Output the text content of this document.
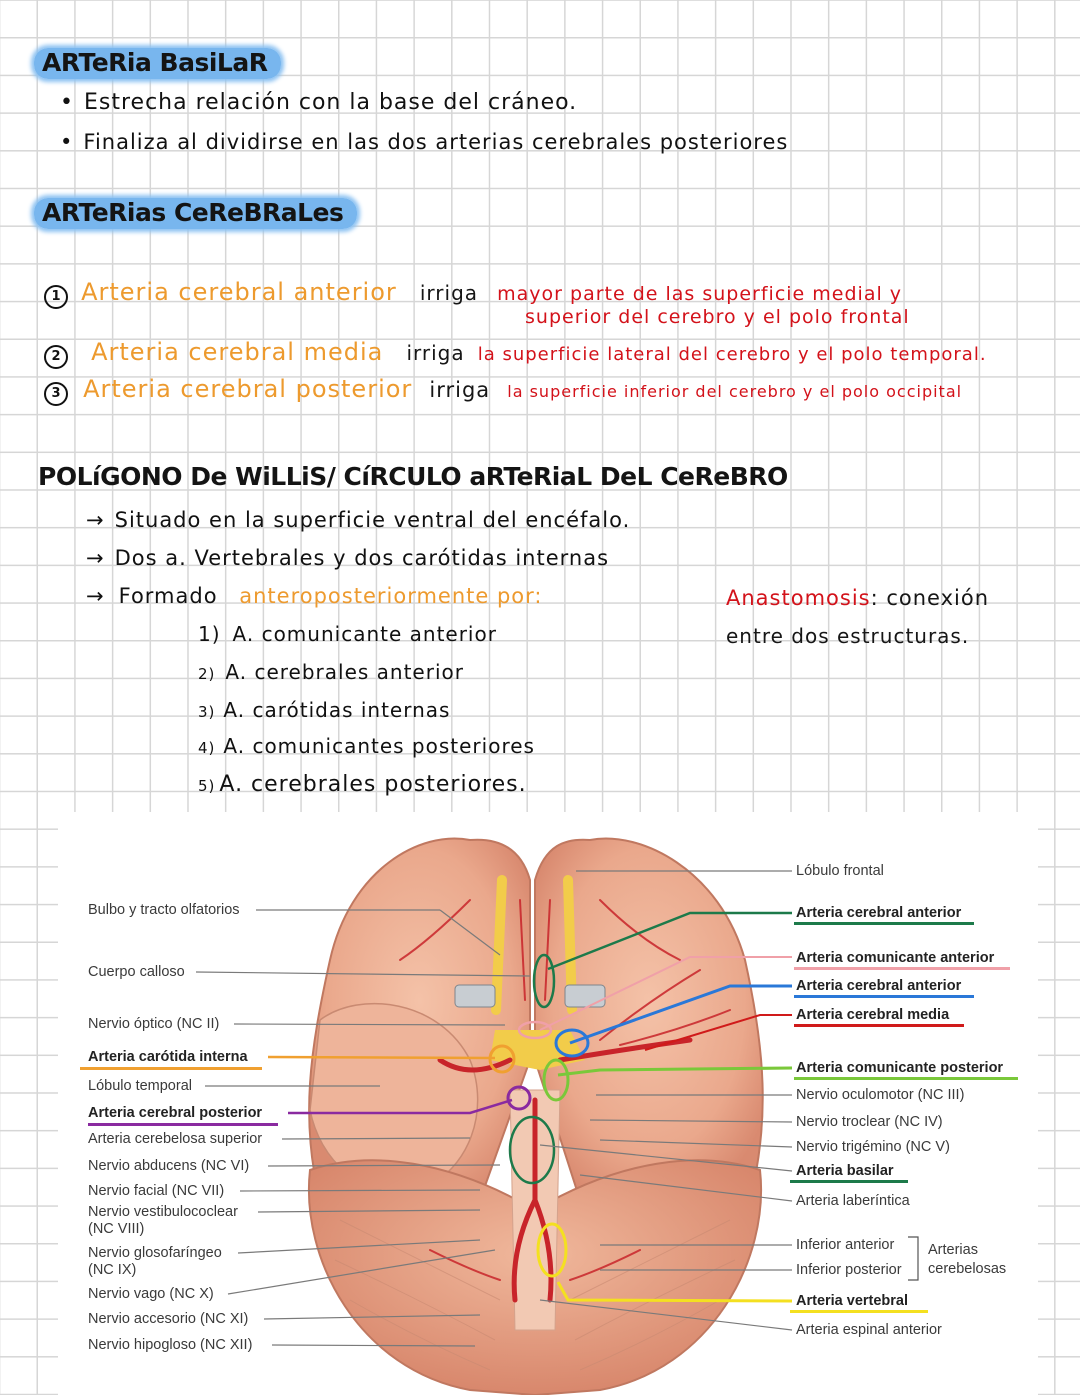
ARTeRia BasiLaR
• Estrecha relación con la base del cráneo.
• Finaliza al dividirse en las dos arterias cerebrales posteriores
ARTeRias CeReBRaLes
1 Arteria cerebral anterior irriga mayor parte de las superficie medial y
superior del cerebro y el polo frontal
2 Arteria cerebral media irriga la superficie lateral del cerebro y el polo temporal.
3 Arteria cerebral posterior irriga la superficie inferior del cerebro y el polo occipital
POLíGONO De WiLLiS/ CíRCULO aRTeRiaL DeL CeReBRO
→ Situado en la superficie ventral del encéfalo.
→ Dos a. Vertebrales y dos carótidas internas
→ Formado anteroposteriormente por:
1) A. comunicante anterior
2) A. cerebrales anterior
3) A. carótidas internas
4) A. comunicantes posteriores
5) A. cerebrales posteriores.
Anastomosis: conexión
entre dos estructuras.
Bulbo y tracto olfatorios
Cuerpo calloso
Nervio óptico (NC II)
Arteria carótida interna
Lóbulo temporal
Arteria cerebral posterior
Arteria cerebelosa superior
Nervio abducens (NC VI)
Nervio facial (NC VII)
Nervio vestibulococlear
(NC VIII)
Nervio glosofaríngeo
(NC IX)
Nervio vago (NC X)
Nervio accesorio (NC XI)
Nervio hipogloso (NC XII)
Lóbulo frontal
Arteria cerebral anterior
Arteria comunicante anterior
Arteria cerebral anterior
Arteria cerebral media
Arteria comunicante posterior
Nervio oculomotor (NC III)
Nervio troclear (NC IV)
Nervio trigémino (NC V)
Arteria basilar
Arteria laberíntica
Inferior anterior
Inferior posterior
Arterias
cerebelosas
Arteria vertebral
Arteria espinal anterior
